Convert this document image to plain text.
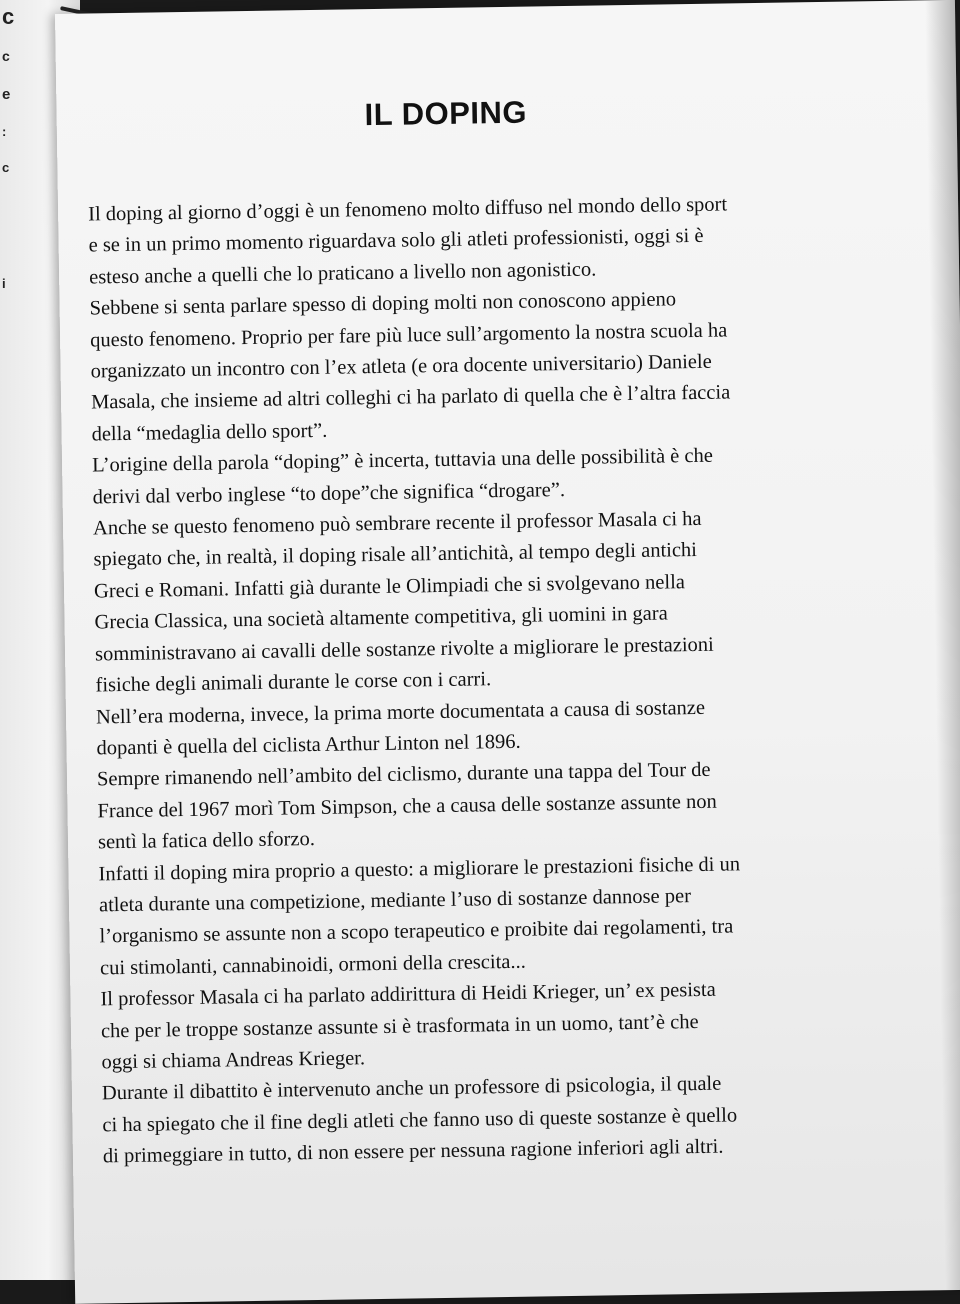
c
c
e
:
c
i
IL DOPING
Il doping al giorno d’oggi è un fenomeno molto diffuso nel mondo dello sport
e se in un primo momento riguardava solo gli atleti professionisti, oggi si è
esteso anche a quelli che lo praticano a livello non agonistico.
Sebbene si senta parlare spesso di doping molti non conoscono appieno
questo fenomeno. Proprio per fare più luce sull’argomento la nostra scuola ha
organizzato un incontro con l’ex atleta (e ora docente universitario) Daniele
Masala, che insieme ad altri colleghi ci ha parlato di quella che è l’altra faccia
della “medaglia dello sport”.
L’origine della parola “doping” è incerta, tuttavia una delle possibilità è che
derivi dal verbo inglese “to dope”che significa “drogare”.
Anche se questo fenomeno può sembrare recente il professor Masala ci ha
spiegato che, in realtà, il doping risale all’antichità, al tempo degli antichi
Greci e Romani. Infatti già durante le Olimpiadi che si svolgevano nella
Grecia Classica, una società altamente competitiva, gli uomini in gara
somministravano ai cavalli delle sostanze rivolte a migliorare le prestazioni
fisiche degli animali durante le corse con i carri.
Nell’era moderna, invece, la prima morte documentata a causa di sostanze
dopanti è quella del ciclista Arthur Linton nel 1896.
Sempre rimanendo nell’ambito del ciclismo, durante una tappa del Tour de
France del 1967 morì Tom Simpson, che a causa delle sostanze assunte non
sentì la fatica dello sforzo.
Infatti il doping mira proprio a questo: a migliorare le prestazioni fisiche di un
atleta durante una competizione, mediante l’uso di sostanze dannose per
l’organismo se assunte non a scopo terapeutico e proibite dai regolamenti, tra
cui stimolanti, cannabinoidi, ormoni della crescita...
Il professor Masala ci ha parlato addirittura di Heidi Krieger, un’ ex pesista
che per le troppe sostanze assunte si è trasformata in un uomo, tant’è che
oggi si chiama Andreas Krieger.
Durante il dibattito è intervenuto anche un professore di psicologia, il quale
ci ha spiegato che il fine degli atleti che fanno uso di queste sostanze è quello
di primeggiare in tutto, di non essere per nessuna ragione inferiori agli altri.
